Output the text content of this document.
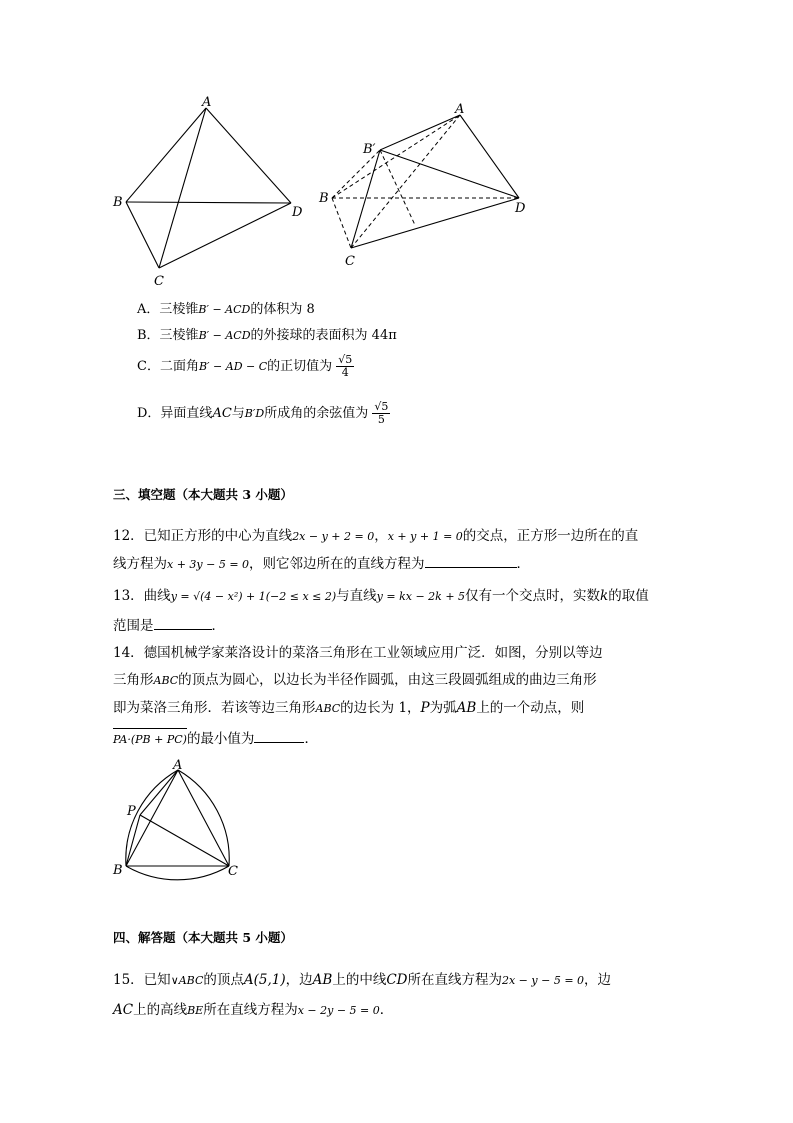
A
B
C
D
A
B′
B
C
D
A．三棱锥B′ − ACD的体积为 8
B．三棱锥B′ − ACD的外接球的表面积为 44π
C．二面角B′ − AD − C的正切值为 $\frac{√5}{4}$
D．异面直线AC与B′D所成角的余弦值为 $\frac{√5}{5}$
三、填空题（本大题共 3 小题）
12．已知正方形的中心为直线2x − y + 2 = 0，x + y + 1 = 0的交点，正方形一边所在的直
线方程为x + 3y − 5 = 0，则它邻边所在的直线方程为	．
13．曲线y = √(4 − x²) + 1(−2 ≤ x ≤ 2)与直线y = kx − 2k + 5仅有一个交点时，实数k的取值
范围是	．
14．德国机械学家莱洛设计的菜洛三角形在工业领域应用广泛．如图，分别以等边
三角形ABC的顶点为圆心，以边长为半径作圆弧，由这三段圆弧组成的曲边三角形
即为菜洛三角形．若该等边三角形ABC的边长为 1，P为弧AB上的一个动点，则
PA·(PB + PC)的最小值为	．
A
P
B	C
四、解答题（本大题共 5 小题）
15．已知∨ABC的顶点A(5,1)，边AB上的中线CD所在直线方程为2x − y − 5 = 0，边
AC上的高线BE所在直线方程为x − 2y − 5 = 0．
